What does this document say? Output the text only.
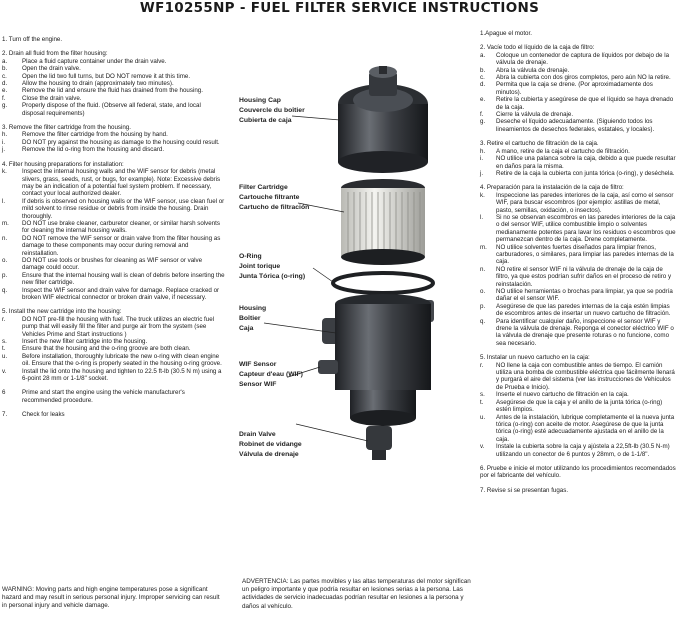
WF10255NP - FUEL FILTER SERVICE INSTRUCTIONS

1. Turn off the engine.

2. Drain all fluid from the filter housing:

a.	Place a fluid capture container under the drain valve.
b.	Open the drain valve.
c.	Open the lid two full turns, but DO NOT remove it at this time.
d.	Allow the housing to drain (approximately two minutes).
e.	Remove the lid and ensure the fluid has drained from the housing.
f.	Close the drain valve.
g.	Properly dispose of the fluid. (Observe all federal, state, and local disposal requirements)

3. Remove the filter cartridge from the housing.

h.	Remove the filter cartridge from the housing by hand.
i.	DO NOT pry against the housing as damage to the housing could result.
j.	Remove the lid o-ring from the housing and discard.

4. Filter housing preparations for installation:

k.	Inspect the internal housing walls and the WIF sensor for debris (metal slivers, grass, seeds, rust, or bugs, for example). Note: Excessive debris may be an indication of a potential fuel system problem. If necessary, contact your local authorized dealer.
l.	If debris is observed on housing walls or the WIF sensor, use clean fuel or mild solvent to rinse residue or debris from inside the housing. Drain thoroughly.
m.	DO NOT use brake cleaner, carburetor cleaner, or similar harsh solvents for cleaning the internal housing walls.
n.	DO NOT remove the WIF sensor or drain valve from the filter housing as damage to these components may occur during removal and reinstallation.
o.	DO NOT use tools or brushes for cleaning as WIF sensor or valve damage could occur.
p.	Ensure that the internal housing wall is clean of debris before inserting the new filter cartridge.
q.	Inspect the WIF sensor and drain valve for damage. Replace cracked or broken WIF electrical connector or broken drain valve, if necessary.

5. Install the new cartridge into the housing:

r.	DO NOT pre-fill the housing with fuel. The truck utilizes an electric fuel pump that will easily fill the filter and purge air from the system (see Vehicles Prime and Start instructions )
s.	Insert the new filter cartridge into the housing.
t.	Ensure that the housing and the o-ring groove are both clean.
u.	Before installation, thoroughly lubricate the new o-ring with clean engine oil. Ensure that the o-ring is properly seated in the housing o-ring groove.
v.	Install the lid onto the housing and tighten to 22.5 ft-lb (30.5 N m) using a 6-point 28 mm or 1-1/8" socket.
6	Prime and start the engine using the vehicle manufacturer's recommended procedure.
7.	Check for leaks

1.Apague el motor.

2. Vacíe todo el líquido de la caja de filtro:

a.	Coloque un contenedor de captura de líquidos por debajo de la válvula de drenaje.
b.	Abra la válvula de drenaje.
c.	Abra la cubierta con dos giros completos, pero aún NO la retire.
d.	Permita que la caja se drene. (Por aproximadamente dos minutos).
e.	Retire la cubierta y asegúrese de que el líquido se haya drenado de la caja.
f.	Cierre la válvula de drenaje.
g.	Deseche el líquido adecuadamente. (Siguiendo todos los lineamientos de desechos federales, estatales, y locales).

3. Retire el cartucho de filtración de la caja.

h.	A mano, retire de la caja el cartucho de filtración.
i.	NO utilice una palanca sobre la caja, debido a que puede resultar en daños para la misma.
j.	Retire de la caja la cubierta con junta tórica (o-ring), y deséchela.

4. Preparación para la instalación de la caja de filtro:

k.	Inspeccione las paredes interiores de la caja, así como el sensor WIF, para buscar escombros (por ejemplo: astillas de metal, pasto, semillas, oxidación, o insectos).
l.	Si no se observan escombros en las paredes interiores de la caja o del sensor WIF, utilice combustible limpio o solventes medianamente potentes para lavar los residuos o escombros que permanezcan dentro de la caja. Drene completamente.
m.	NO utilice solventes fuertes diseñados para limpiar frenos, carburadores, o similares, para limpiar las paredes internas de la caja.
n.	NO retire el sensor WIF ni la válvula de drenaje de la caja de filtro, ya que estos podrían sufrir daños en el proceso de retiro y reinstalación.
o.	NO utilice herramientas o brochas para limpiar, ya que se podría dañar el el sensor WIF.
p.	Asegúrese de que las paredes internas de la caja estén limpias de escombros antes de insertar un nuevo cartucho de filtración.
q.	Para identificar cualquier daño, inspeccione el sensor WIF y drene la válvula de drenaje. Reponga el conector eléctrico WIF o la válvula de drenaje que presente roturas o no funcione, como sea necesario.

5. Instalar un nuevo cartucho en la caja:

r.	NO llene la caja con combustible antes de tiempo. El camión utiliza una bomba de combustible eléctrica que fácilmente llenará y purgará el aire del sistema (ver las instrucciones de Vehículos de Prueba e Inicio).
s.	Inserte el nuevo cartucho de filtración en la caja.
t.	Asegúrese de que la caja y el anillo de la junta tórica (o-ring) estén limpios.
u.	Antes de la instalación, lubrique completamente el la nueva junta tórica (o-ring) con aceite de motor. Asegúrese de que la junta tórica (o-ring) esté adecuadamente ajustada en el anillo de la caja.
v.	Instale la cubierta sobre la caja y ajústela a 22,5ft-lb (30.5 N-m) utilizando un conector de 6 puntos y 28mm, o de 1-1/8".

6. Pruebe e inicie el motor utilizando los procedimientos recomendados por el fabricante del vehículo.

7. Revise si se presentan fugas.

Housing Cap
Couvercle du boîtier
Cubierta de caja
Filter Cartridge
Cartouche filtrante
Cartucho de filtración
O-Ring
Joint torique
Junta Tórica (o-ring)
Housing
Boîtier
Caja
WIF Sensor
Capteur d'eau (WIF)
Sensor WIF
Drain Valve
Robinet de vidange
Válvula de drenaje
WARNING: Moving parts and high engine temperatures pose a significant hazard and may result in serious personal injury. Improper servicing can result in personal injury and vehicle damage.
ADVERTENCIA: Las partes movibles y las altas temperaturas del motor significan un peligro importante y que podría resultar en lesiones serias a la persona. Las actividades de servicio inadecuadas podrían resultar en lesiones a la persona y daños al vehículo.
